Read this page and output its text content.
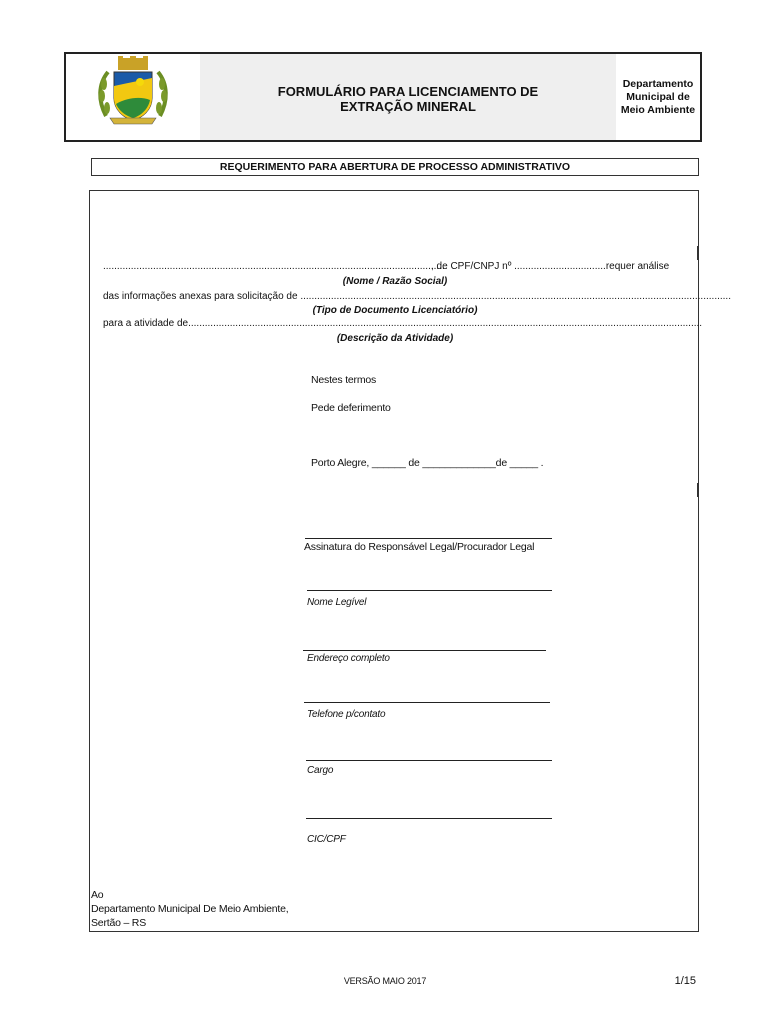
FORMULÁRIO PARA LICENCIAMENTO DE
EXTRAÇÃO MINERAL
Departamento
Municipal de
Meio Ambiente
REQUERIMENTO PARA ABERTURA DE PROCESSO ADMINISTRATIVO
............................................................................................................................, de CPF/CNPJ nº .................................requer análise
(Nome / Razão Social)
das informações anexas para solicitação de ...........................................................................................................................................................
(Tipo de Documento Licenciatório)
para a atividade de.........................................................................................................................................................................................
(Descrição da Atividade)
Nestes termos
Pede deferimento
Porto Alegre, ______ de _____________de _____ .
Assinatura do Responsável Legal/Procurador Legal
Nome Legível
Endereço completo
Telefone p/contato
Cargo
CIC/CPF
Ao
Departamento Municipal De Meio Ambiente,
Sertão – RS
VERSÃO MAIO 2017	1/15
